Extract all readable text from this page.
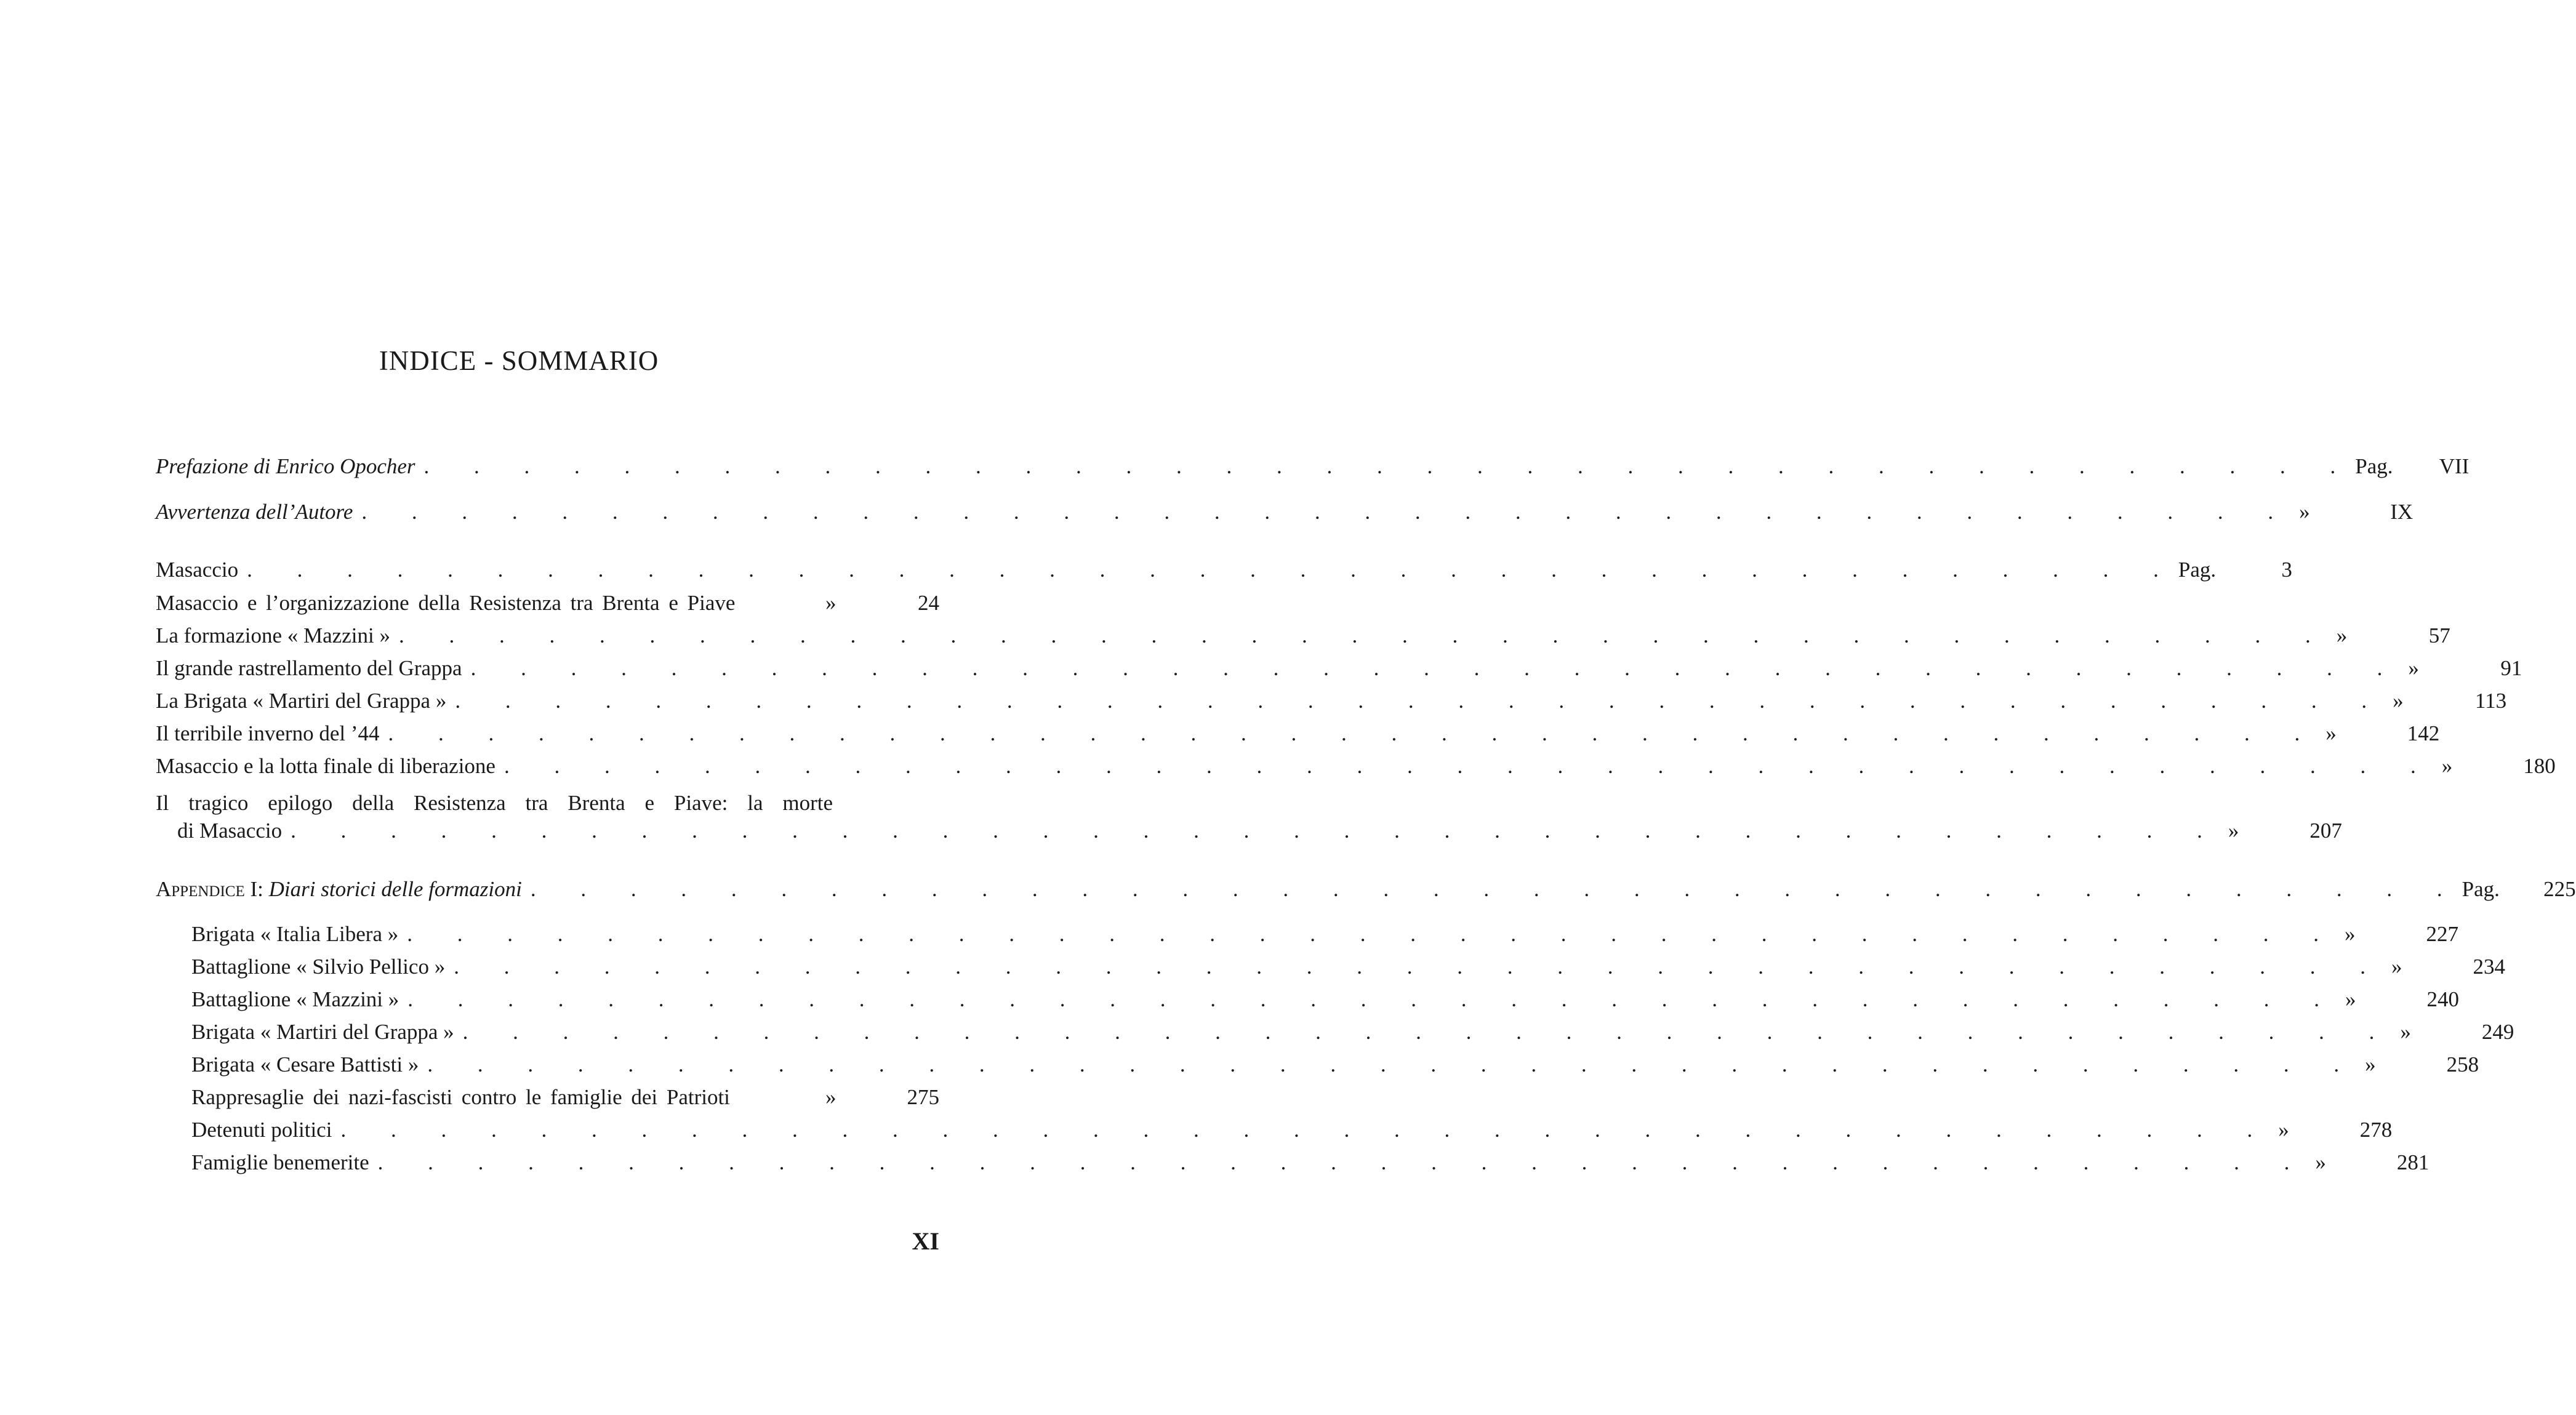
INDICE - SOMMARIO
Prefazione di Enrico Opocher . . . . . . . . . . . . . . . . . . . . . . . . . . . . . . . . . . . . . . . Pag.	VII
Avvertenza dell’Autore . . . . . . . . . . . . . . . . . . . . . . . . . . . . . . . . . . . . . . . »	IX
Masaccio . . . . . . . . . . . . . . . . . . . . . . . . . . . . . . . . . . . . . . . Pag.	3
Masaccio e l’organizzazione della Resistenza tra Brenta e Piave	»	24
La formazione « Mazzini » . . . . . . . . . . . . . . . . . . . . . . . . . . . . . . . . . . . . . . . »	57
Il grande rastrellamento del Grappa . . . . . . . . . . . . . . . . . . . . . . . . . . . . . . . . . . . . . . . »	91
La Brigata « Martiri del Grappa » . . . . . . . . . . . . . . . . . . . . . . . . . . . . . . . . . . . . . . . »	113
Il terribile inverno del ’44 . . . . . . . . . . . . . . . . . . . . . . . . . . . . . . . . . . . . . . . »	142
Masaccio e la lotta finale di liberazione . . . . . . . . . . . . . . . . . . . . . . . . . . . . . . . . . . . . . . . »	180
Il tragico epilogo della Resistenza tra Brenta e Piave: la morte
di Masaccio . . . . . . . . . . . . . . . . . . . . . . . . . . . . . . . . . . . . . . . »	207
Appendice I: Diari storici delle formazioni . . . . . . . . . . . . . . . . . . . . . . . . . . . . . . . . . . . . . . . Pag.	225
Brigata « Italia Libera » . . . . . . . . . . . . . . . . . . . . . . . . . . . . . . . . . . . . . . . »	227
Battaglione « Silvio Pellico » . . . . . . . . . . . . . . . . . . . . . . . . . . . . . . . . . . . . . . . »	234
Battaglione « Mazzini » . . . . . . . . . . . . . . . . . . . . . . . . . . . . . . . . . . . . . . . »	240
Brigata « Martiri del Grappa » . . . . . . . . . . . . . . . . . . . . . . . . . . . . . . . . . . . . . . . »	249
Brigata « Cesare Battisti » . . . . . . . . . . . . . . . . . . . . . . . . . . . . . . . . . . . . . . . »	258
Rappresaglie dei nazi-fascisti contro le famiglie dei Patrioti	»	275
Detenuti politici . . . . . . . . . . . . . . . . . . . . . . . . . . . . . . . . . . . . . . . »	278
Famiglie benemerite . . . . . . . . . . . . . . . . . . . . . . . . . . . . . . . . . . . . . . . »	281
XI
